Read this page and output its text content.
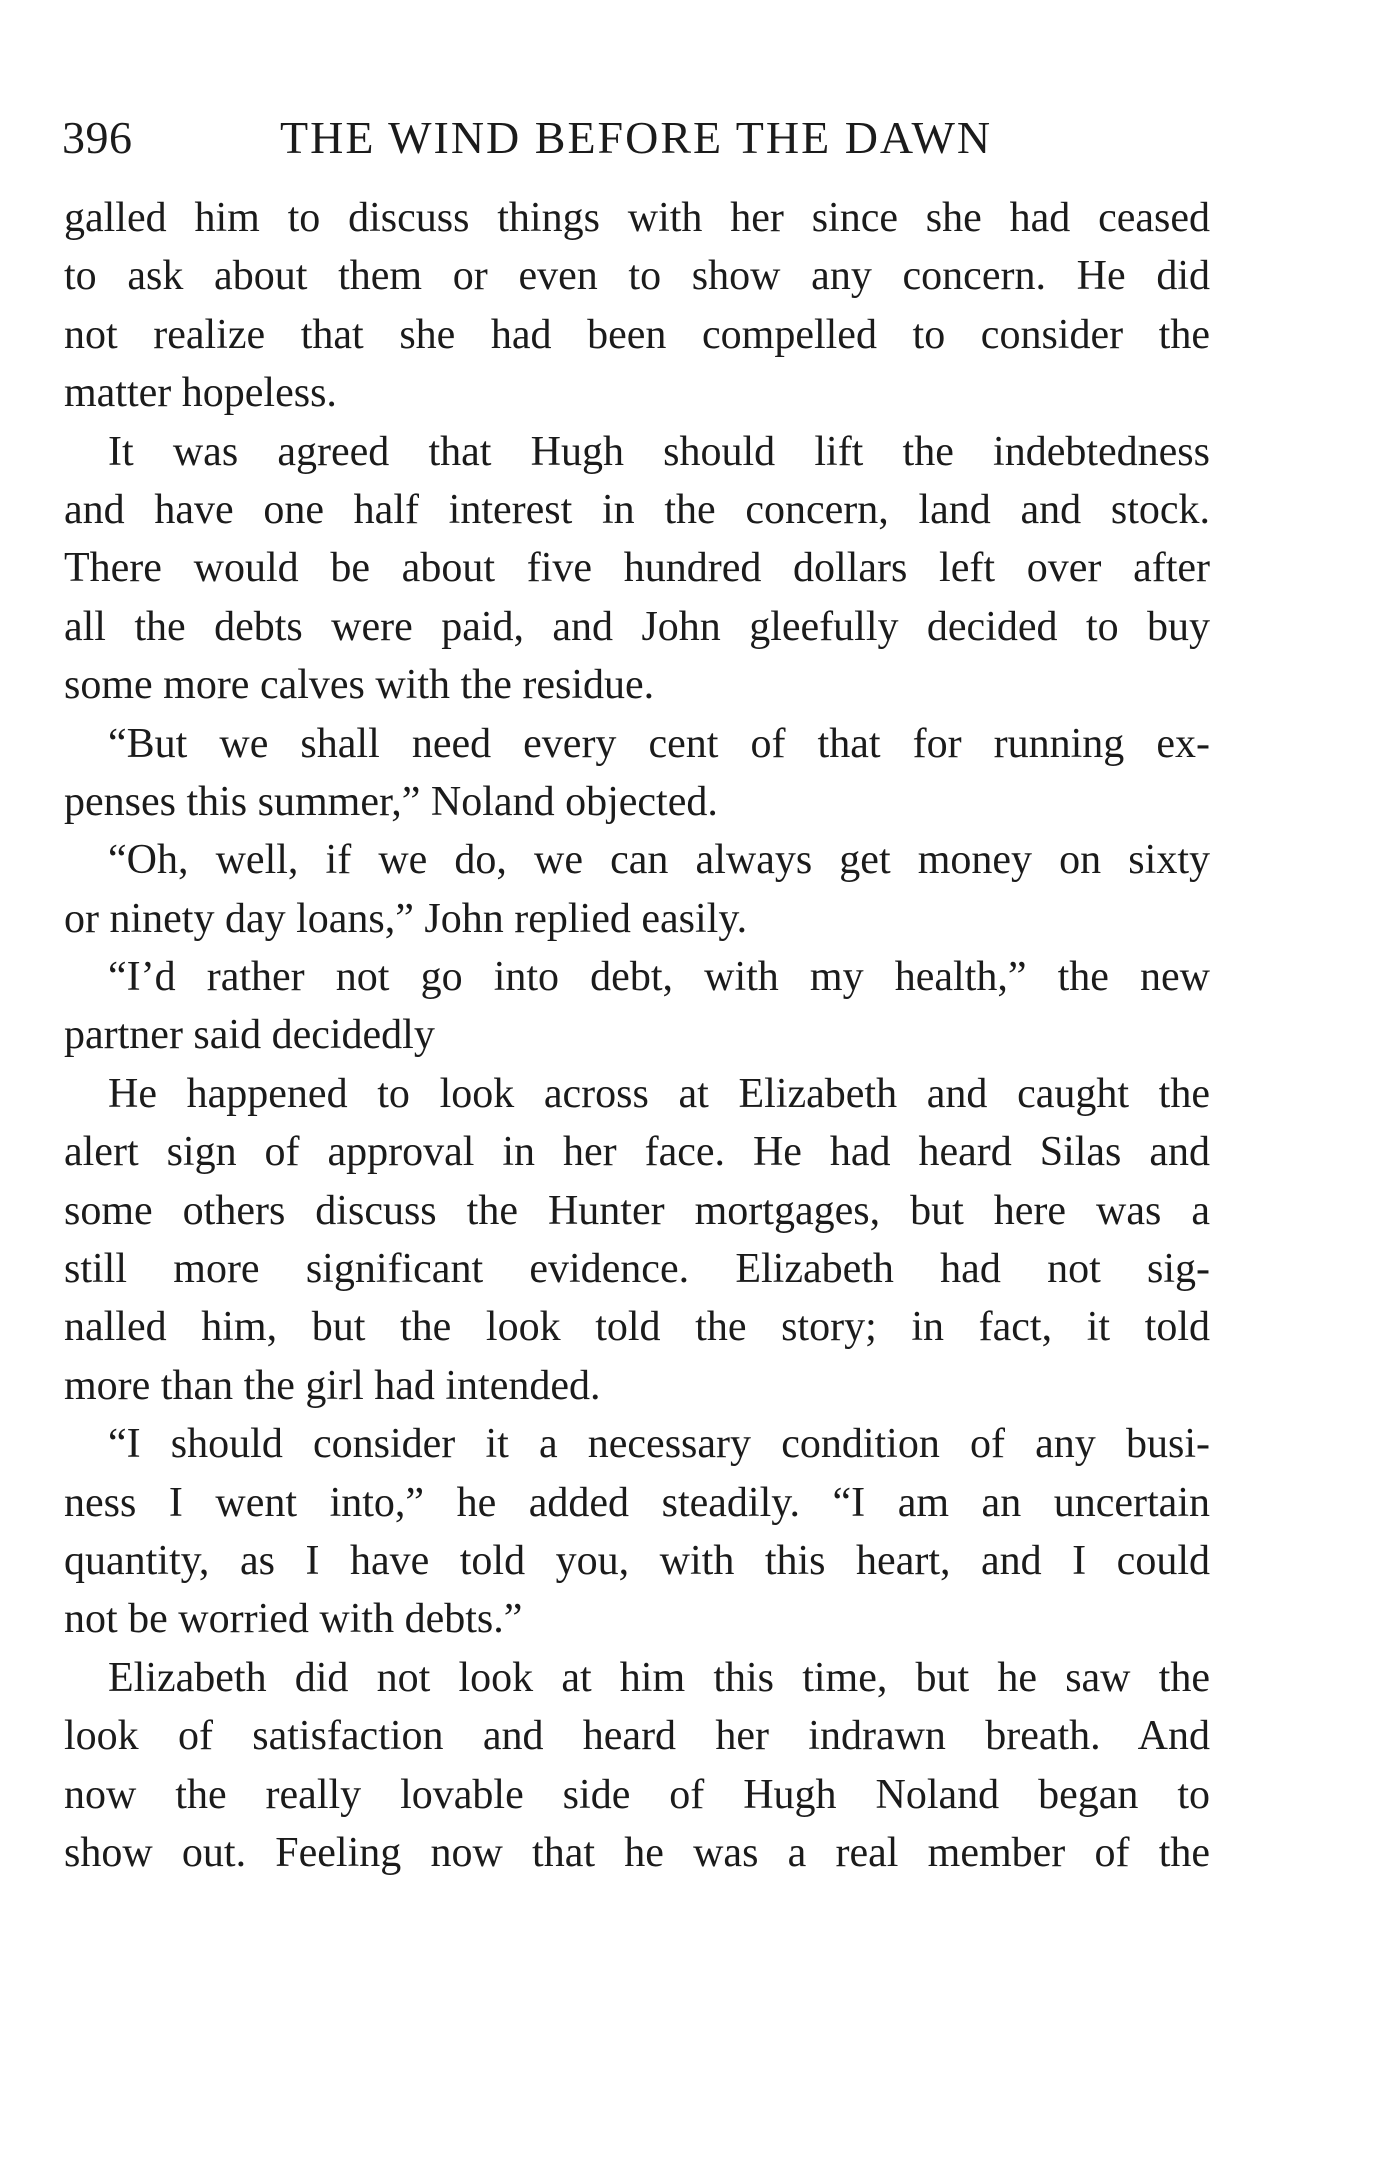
396	THE WIND BEFORE THE DAWN
galled him to discuss things with her since she had ceased
to ask about them or even to show any concern. He did
not realize that she had been compelled to consider the
matter hopeless.
It was agreed that Hugh should lift the indebtedness
and have one half interest in the concern, land and stock.
There would be about five hundred dollars left over after
all the debts were paid, and John gleefully decided to buy
some more calves with the residue.
“But we shall need every cent of that for running ex-
penses this summer,” Noland objected.
“Oh, well, if we do, we can always get money on sixty
or ninety day loans,” John replied easily.
“I’d rather not go into debt, with my health,” the new
partner said decidedly
He happened to look across at Elizabeth and caught the
alert sign of approval in her face. He had heard Silas and
some others discuss the Hunter mortgages, but here was a
still more significant evidence. Elizabeth had not sig-
nalled him, but the look told the story; in fact, it told
more than the girl had intended.
“I should consider it a necessary condition of any busi-
ness I went into,” he added steadily. “I am an uncertain
quantity, as I have told you, with this heart, and I could
not be worried with debts.”
Elizabeth did not look at him this time, but he saw the
look of satisfaction and heard her indrawn breath. And
now the really lovable side of Hugh Noland began to
show out. Feeling now that he was a real member of the
